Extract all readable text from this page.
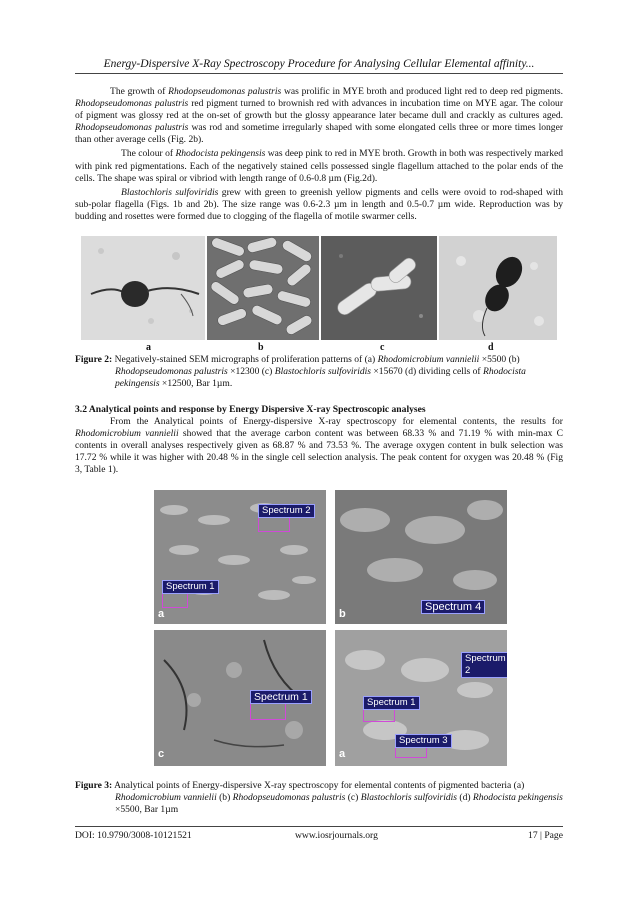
Energy-Dispersive X-Ray Spectroscopy Procedure for Analysing Cellular Elemental affinity...

The growth of Rhodopseudomonas palustris was prolific in MYE broth and produced light red to deep red pigments. Rhodopseudomonas palustris red pigment turned to brownish red with advances in incubation time on MYE agar. The colour of pigment was glossy red at the on-set of growth but the glossy appearance later became dull and crackly as cultures aged. Rhodopseudomonas palustris was rod and sometime irregularly shaped with some elongated cells three or more times longer than other average cells (Fig. 2b).

The colour of Rhodocista pekingensis was deep pink to red in MYE broth. Growth in both was respectively marked with pink red pigmentations. Each of the negatively stained cells possessed single flagellum attached to the polar ends of the cells. The shape was spiral or vibriod with length range of 0.6-0.8 µm (Fig.2d).

Blastochloris sulfoviridis grew with green to greenish yellow pigments and cells were ovoid to rod-shaped with sub-polar flagella (Figs. 1b and 2b). The size range was 0.6-2.3 µm in length and 0.5-0.7 µm wide. Reproduction was by budding and rosettes were formed due to clogging of the flagella of motile swarmer cells.

a	b	c	d
Figure 2: Negatively-stained SEM micrographs of proliferation patterns of (a) Rhodomicrobium vannielii ×5500 (b) Rhodopseudomonas palustris ×12300 (c) Blastochloris sulfoviridis ×15670 (d) dividing cells of Rhodocista pekingensis ×12500, Bar 1µm.
3.2 Analytical points and response by Energy Dispersive X-ray Spectroscopic analyses

From the Analytical points of Energy-dispersive X-ray spectroscopy for elemental contents, the results for Rhodomicrobium vannielii showed that the average carbon content was between 68.33 % and 71.19 % with min-max C contents in overall analyses respectively given as 68.87 % and 73.53 %. The average oxygen content in bulk selection was 17.72 % while it was higher with 20.48 % in the single cell selection analysis. The peak content for oxygen was 20.48 % (Fig 3, Table 1).

Spectrum 2
Spectrum 1
a
Spectrum 4
b
Spectrum 1
c
Spectrum 2
Spectrum 1
Spectrum 3
a
Figure 3: Analytical points of Energy-dispersive X-ray spectroscopy for elemental contents of pigmented bacteria (a) Rhodomicrobium vannielii (b) Rhodopseudomonas palustris (c) Blastochloris sulfoviridis (d) Rhodocista pekingensis ×5500, Bar 1µm
DOI: 10.9790/3008-10121521	www.iosrjournals.org	17 | Page
